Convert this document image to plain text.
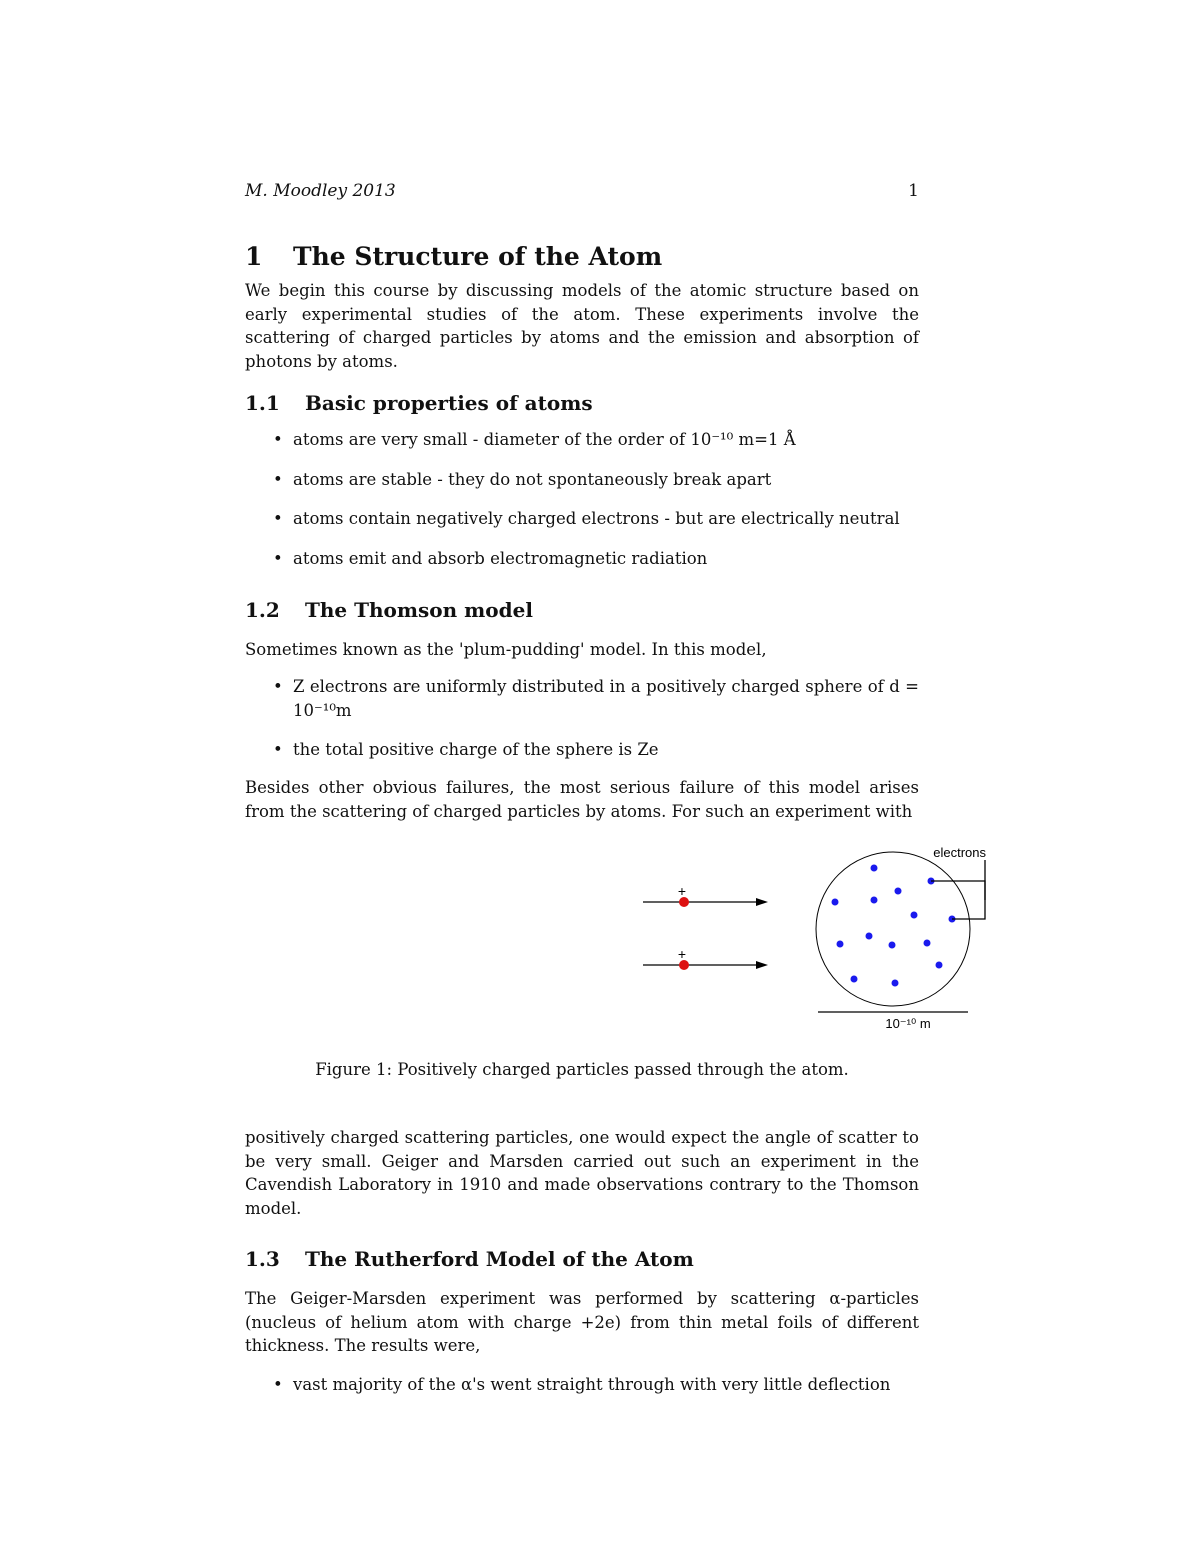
M. Moodley 2013	1
1 The Structure of the Atom

We begin this course by discussing models of the atomic structure based on early experimental studies of the atom. These experiments involve the scattering of charged particles by atoms and the emission and absorption of photons by atoms.

1.1 Basic properties of atoms
• atoms are very small - diameter of the order of 10⁻¹⁰ m=1 Å
• atoms are stable - they do not spontaneously break apart
• atoms contain negatively charged electrons - but are electrically neutral
• atoms emit and absorb electromagnetic radiation
1.2 The Thomson model

Sometimes known as the 'plum-pudding' model. In this model,

• Z electrons are uniformly distributed in a positively charged sphere of d = 10⁻¹⁰m
• the total positive charge of the sphere is Ze

Besides other obvious failures, the most serious failure of this model arises from the scattering of charged particles by atoms. For such an experiment with

+
+
electrons
10⁻¹⁰ m
Figure 1: Positively charged particles passed through the atom.

positively charged scattering particles, one would expect the angle of scatter to be very small. Geiger and Marsden carried out such an experiment in the Cavendish Laboratory in 1910 and made observations contrary to the Thomson model.

1.3 The Rutherford Model of the Atom

The Geiger-Marsden experiment was performed by scattering α-particles (nucleus of helium atom with charge +2e) from thin metal foils of different thickness. The results were,

• vast majority of the α's went straight through with very little deflection
